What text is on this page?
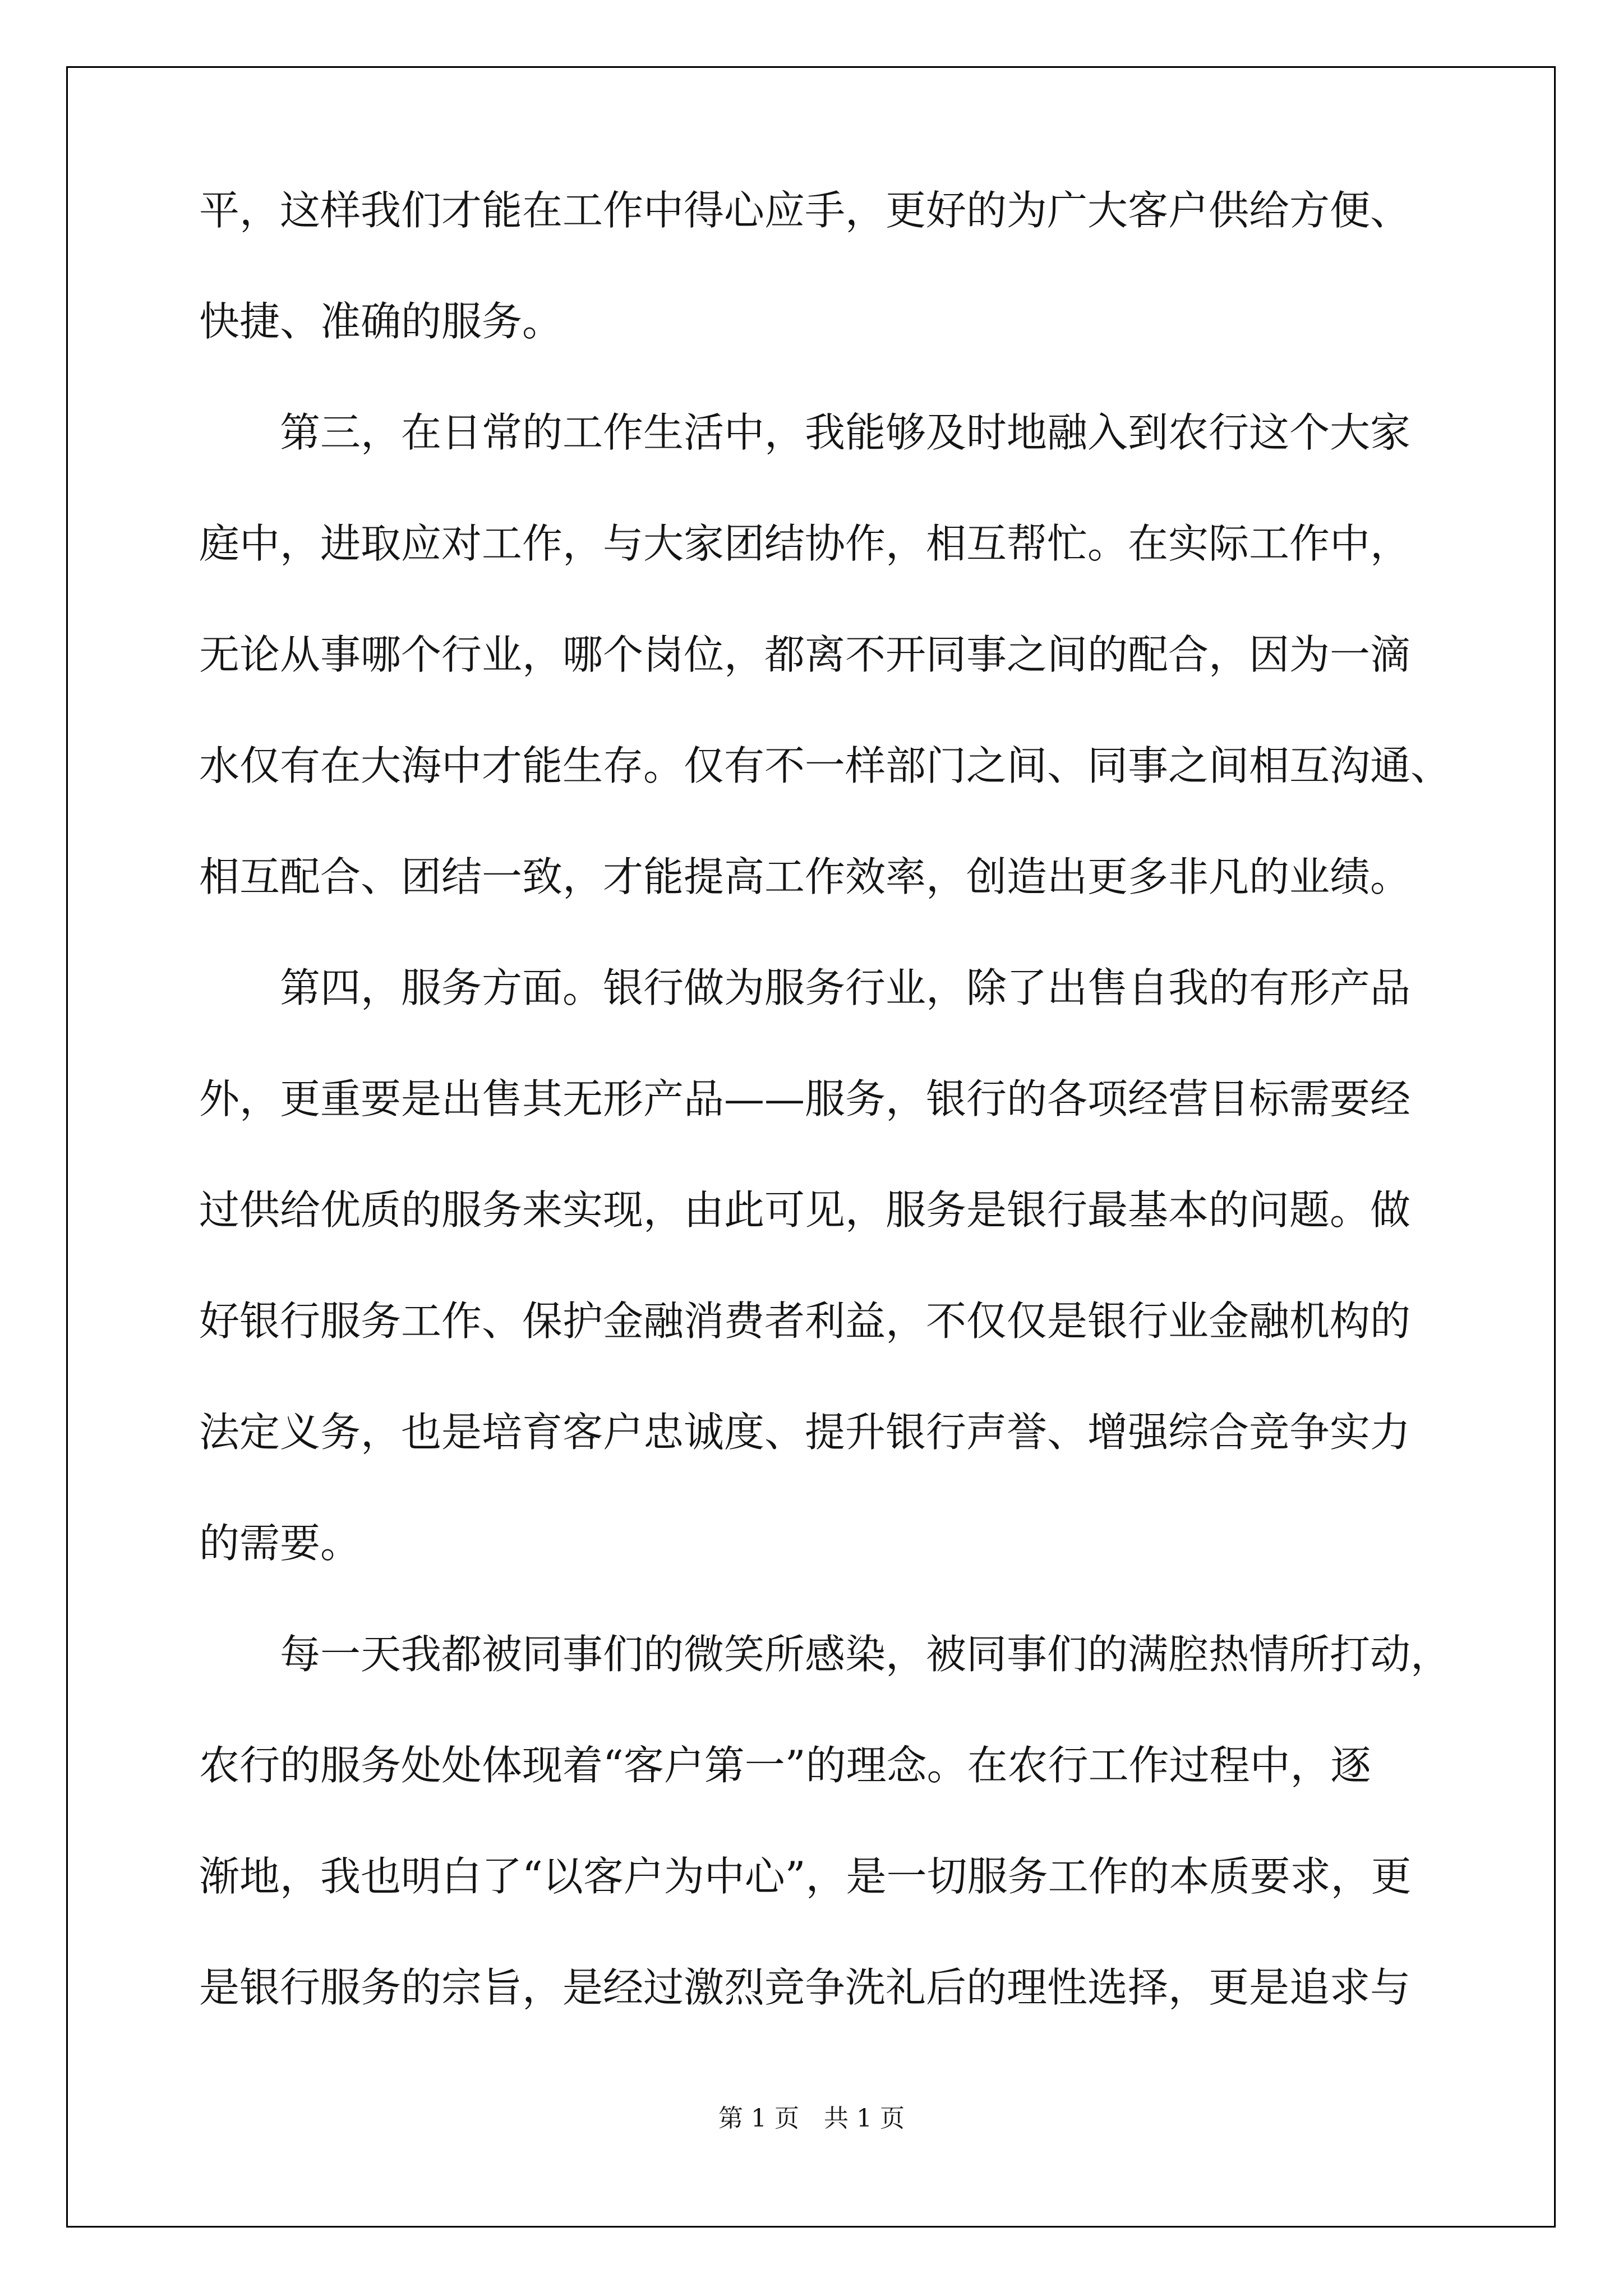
平，这样我们才能在工作中得心应手，更好的为广大客户供给方便、
快捷、准确的服务。
　　第三，在日常的工作生活中，我能够及时地融入到农行这个大家
庭中，进取应对工作，与大家团结协作，相互帮忙。在实际工作中，
无论从事哪个行业，哪个岗位，都离不开同事之间的配合，因为一滴
水仅有在大海中才能生存。仅有不一样部门之间、同事之间相互沟通、
相互配合、团结一致，才能提高工作效率，创造出更多非凡的业绩。
　　第四，服务方面。银行做为服务行业，除了出售自我的有形产品
外，更重要是出售其无形产品——服务，银行的各项经营目标需要经
过供给优质的服务来实现，由此可见，服务是银行最基本的问题。做
好银行服务工作、保护金融消费者利益，不仅仅是银行业金融机构的
法定义务，也是培育客户忠诚度、提升银行声誉、增强综合竞争实力
的需要。
　　每一天我都被同事们的微笑所感染，被同事们的满腔热情所打动，
农行的服务处处体现着“客户第一”的理念。在农行工作过程中，逐
渐地，我也明白了“以客户为中心”，是一切服务工作的本质要求，更
是银行服务的宗旨，是经过激烈竞争洗礼后的理性选择，更是追求与
第 1 页　共 1 页
